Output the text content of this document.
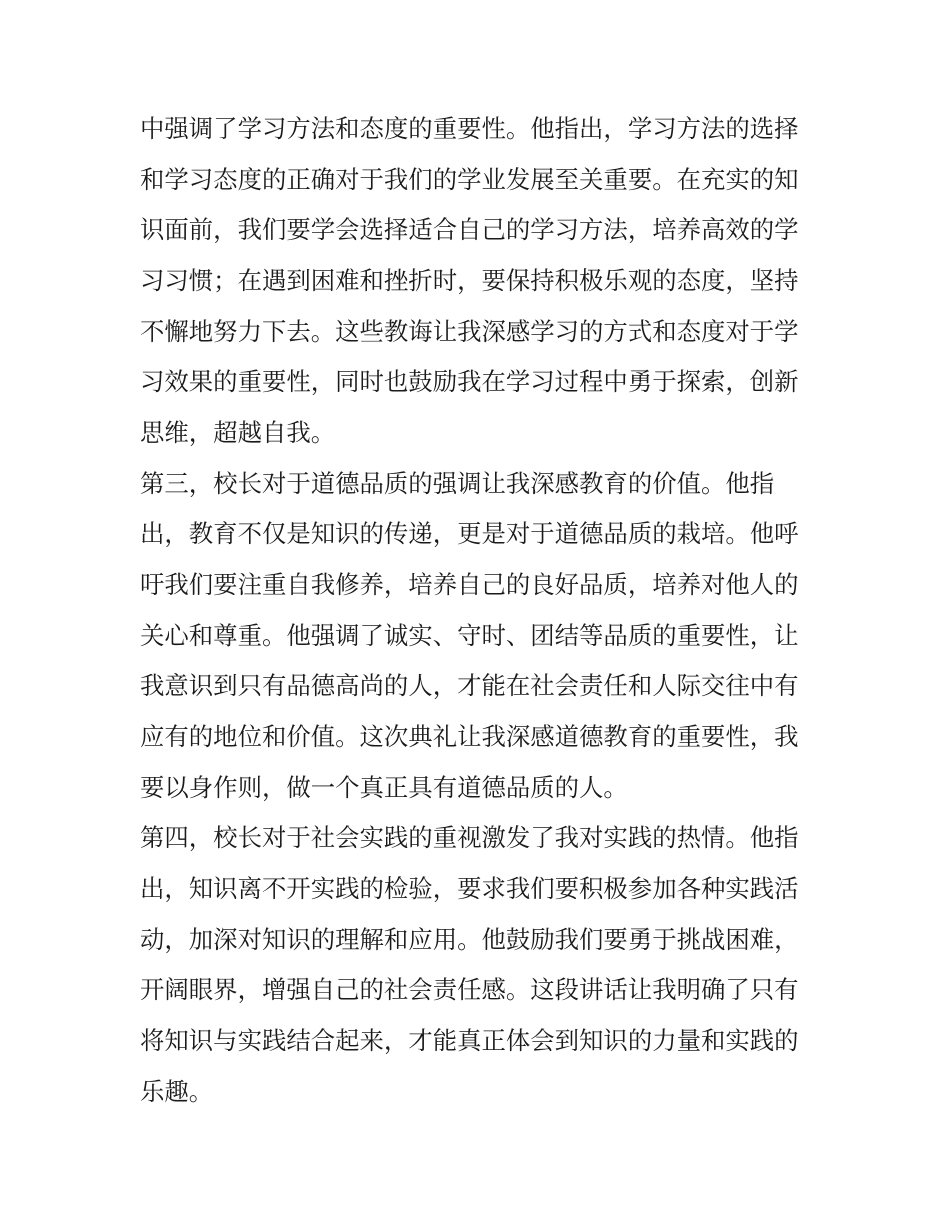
中强调了学习方法和态度的重要性。他指出，学习方法的选择
和学习态度的正确对于我们的学业发展至关重要。在充实的知
识面前，我们要学会选择适合自己的学习方法，培养高效的学
习习惯；在遇到困难和挫折时，要保持积极乐观的态度，坚持
不懈地努力下去。这些教诲让我深感学习的方式和态度对于学
习效果的重要性，同时也鼓励我在学习过程中勇于探索，创新
思维，超越自我。
第三，校长对于道德品质的强调让我深感教育的价值。他指
出，教育不仅是知识的传递，更是对于道德品质的栽培。他呼
吁我们要注重自我修养，培养自己的良好品质，培养对他人的
关心和尊重。他强调了诚实、守时、团结等品质的重要性，让
我意识到只有品德高尚的人，才能在社会责任和人际交往中有
应有的地位和价值。这次典礼让我深感道德教育的重要性，我
要以身作则，做一个真正具有道德品质的人。
第四，校长对于社会实践的重视激发了我对实践的热情。他指
出，知识离不开实践的检验，要求我们要积极参加各种实践活
动，加深对知识的理解和应用。他鼓励我们要勇于挑战困难，
开阔眼界，增强自己的社会责任感。这段讲话让我明确了只有
将知识与实践结合起来，才能真正体会到知识的力量和实践的
乐趣。
